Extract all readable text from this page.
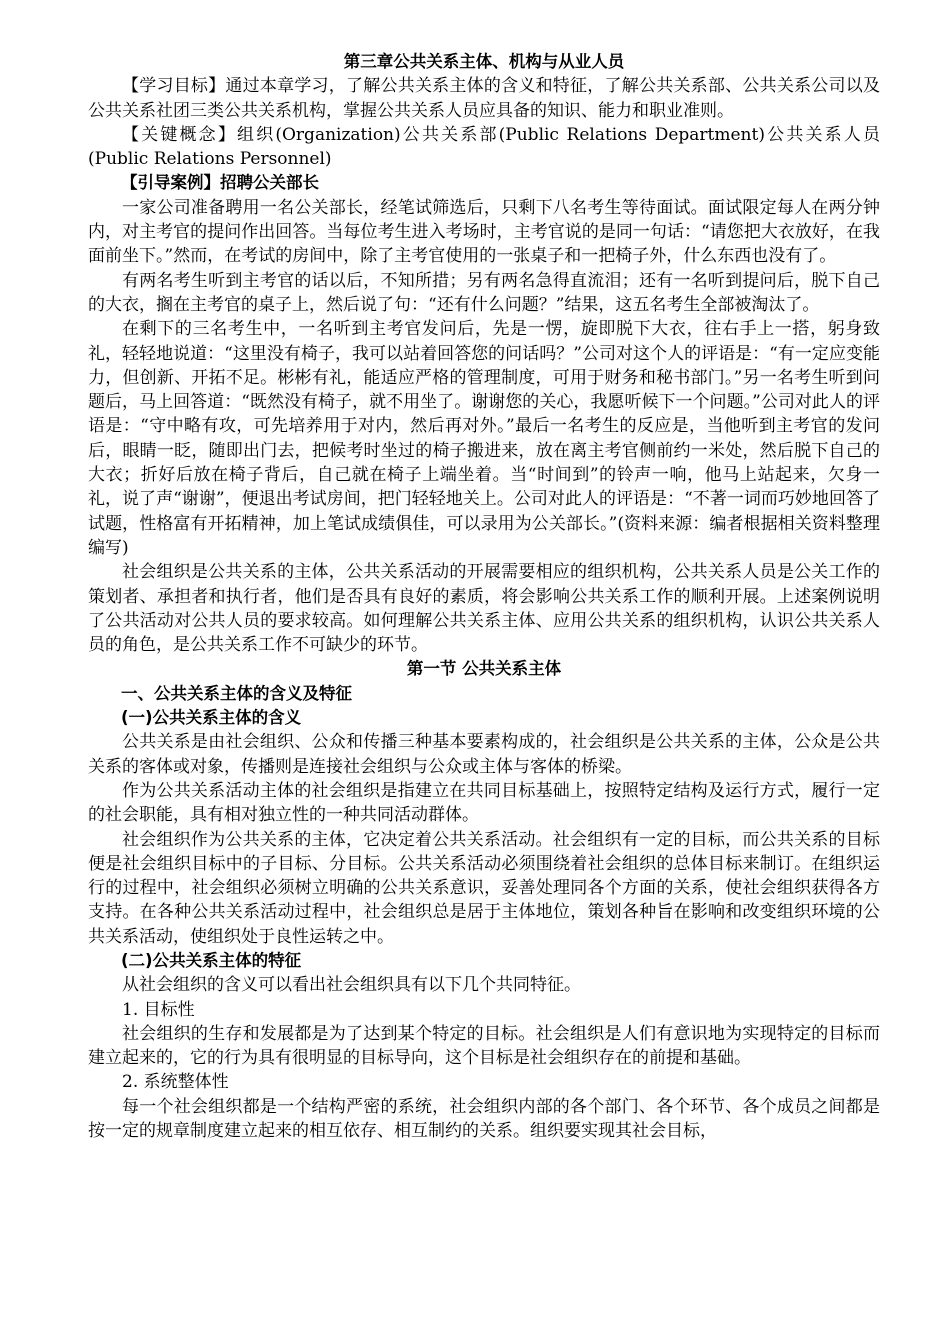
第三章公共关系主体、机构与从业人员

【学习目标】通过本章学习，了解公共关系主体的含义和特征，了解公共关系部、公共关系公司以及公共关系社团三类公共关系机构，掌握公共关系人员应具备的知识、能力和职业准则。

【关键概念】组织(Organization)公共关系部(Public Relations Department)公共关系人员(Public Relations Personnel)

【引导案例】招聘公关部长

一家公司准备聘用一名公关部长，经笔试筛选后，只剩下八名考生等待面试。面试限定每人在两分钟内，对主考官的提问作出回答。当每位考生进入考场时，主考官说的是同一句话：“请您把大衣放好，在我面前坐下。”然而，在考试的房间中，除了主考官使用的一张桌子和一把椅子外，什么东西也没有了。

有两名考生听到主考官的话以后，不知所措；另有两名急得直流泪；还有一名听到提问后，脱下自己的大衣，搁在主考官的桌子上，然后说了句：“还有什么问题？”结果，这五名考生全部被淘汰了。

在剩下的三名考生中，一名听到主考官发问后，先是一愣，旋即脱下大衣，往右手上一搭，躬身致礼，轻轻地说道：“这里没有椅子，我可以站着回答您的问话吗？”公司对这个人的评语是：“有一定应变能力，但创新、开拓不足。彬彬有礼，能适应严格的管理制度，可用于财务和秘书部门。”另一名考生听到问题后，马上回答道：“既然没有椅子，就不用坐了。谢谢您的关心，我愿听候下一个问题。”公司对此人的评语是：“守中略有攻，可先培养用于对内，然后再对外。”最后一名考生的反应是，当他听到主考官的发问后，眼睛一眨，随即出门去，把候考时坐过的椅子搬进来，放在离主考官侧前约一米处，然后脱下自己的大衣；折好后放在椅子背后，自己就在椅子上端坐着。当“时间到”的铃声一响，他马上站起来，欠身一礼，说了声“谢谢”，便退出考试房间，把门轻轻地关上。公司对此人的评语是：“不著一词而巧妙地回答了试题，性格富有开拓精神，加上笔试成绩俱佳，可以录用为公关部长。”(资料来源：编者根据相关资料整理编写)

社会组织是公共关系的主体，公共关系活动的开展需要相应的组织机构，公共关系人员是公关工作的策划者、承担者和执行者，他们是否具有良好的素质，将会影响公共关系工作的顺利开展。上述案例说明了公共活动对公共人员的要求较高。如何理解公共关系主体、应用公共关系的组织机构，认识公共关系人员的角色，是公共关系工作不可缺少的环节。

第一节 公共关系主体

一、公共关系主体的含义及特征

(一)公共关系主体的含义

公共关系是由社会组织、公众和传播三种基本要素构成的，社会组织是公共关系的主体，公众是公共关系的客体或对象，传播则是连接社会组织与公众或主体与客体的桥梁。

作为公共关系活动主体的社会组织是指建立在共同目标基础上，按照特定结构及运行方式，履行一定的社会职能，具有相对独立性的一种共同活动群体。

社会组织作为公共关系的主体，它决定着公共关系活动。社会组织有一定的目标，而公共关系的目标便是社会组织目标中的子目标、分目标。公共关系活动必须围绕着社会组织的总体目标来制订。在组织运行的过程中，社会组织必须树立明确的公共关系意识，妥善处理同各个方面的关系，使社会组织获得各方支持。在各种公共关系活动过程中，社会组织总是居于主体地位，策划各种旨在影响和改变组织环境的公共关系活动，使组织处于良性运转之中。

(二)公共关系主体的特征

从社会组织的含义可以看出社会组织具有以下几个共同特征。

1. 目标性

社会组织的生存和发展都是为了达到某个特定的目标。社会组织是人们有意识地为实现特定的目标而建立起来的，它的行为具有很明显的目标导向，这个目标是社会组织存在的前提和基础。

2. 系统整体性

每一个社会组织都是一个结构严密的系统，社会组织内部的各个部门、各个环节、各个成员之间都是按一定的规章制度建立起来的相互依存、相互制约的关系。组织要实现其社会目标，
